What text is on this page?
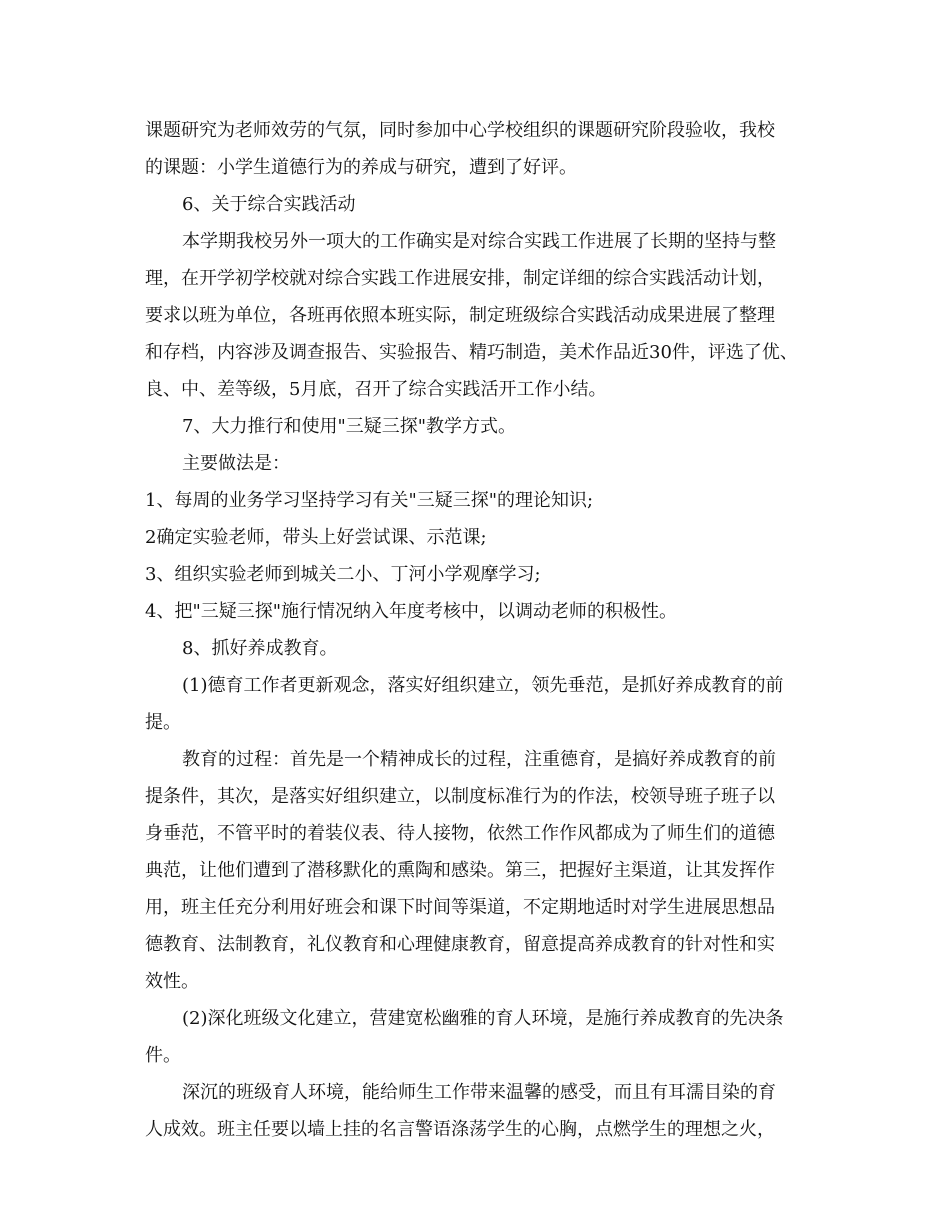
课题研究为老师效劳的气氛，同时参加中心学校组织的课题研究阶段验收，我校
的课题：小学生道德行为的养成与研究，遭到了好评。
6、关于综合实践活动
本学期我校另外一项大的工作确实是对综合实践工作进展了长期的坚持与整
理，在开学初学校就对综合实践工作进展安排，制定详细的综合实践活动计划，
要求以班为单位，各班再依照本班实际，制定班级综合实践活动成果进展了整理
和存档，内容涉及调查报告、实验报告、精巧制造，美术作品近30件，评选了优、
良、中、差等级，5月底，召开了综合实践活开工作小结。
7、大力推行和使用"三疑三探"教学方式。
主要做法是：
1、每周的业务学习坚持学习有关"三疑三探"的理论知识;
2确定实验老师，带头上好尝试课、示范课;
3、组织实验老师到城关二小、丁河小学观摩学习;
4、把"三疑三探"施行情况纳入年度考核中，以调动老师的积极性。
8、抓好养成教育。
(1)德育工作者更新观念，落实好组织建立，领先垂范，是抓好养成教育的前
提。
教育的过程：首先是一个精神成长的过程，注重德育，是搞好养成教育的前
提条件，其次，是落实好组织建立，以制度标准行为的作法，校领导班子班子以
身垂范，不管平时的着装仪表、待人接物，依然工作作风都成为了师生们的道德
典范，让他们遭到了潜移默化的熏陶和感染。第三，把握好主渠道，让其发挥作
用，班主任充分利用好班会和课下时间等渠道，不定期地适时对学生进展思想品
德教育、法制教育，礼仪教育和心理健康教育，留意提高养成教育的针对性和实
效性。
(2)深化班级文化建立，营建宽松幽雅的育人环境，是施行养成教育的先决条
件。
深沉的班级育人环境，能给师生工作带来温馨的感受，而且有耳濡目染的育
人成效。班主任要以墙上挂的名言警语涤荡学生的心胸，点燃学生的理想之火，
